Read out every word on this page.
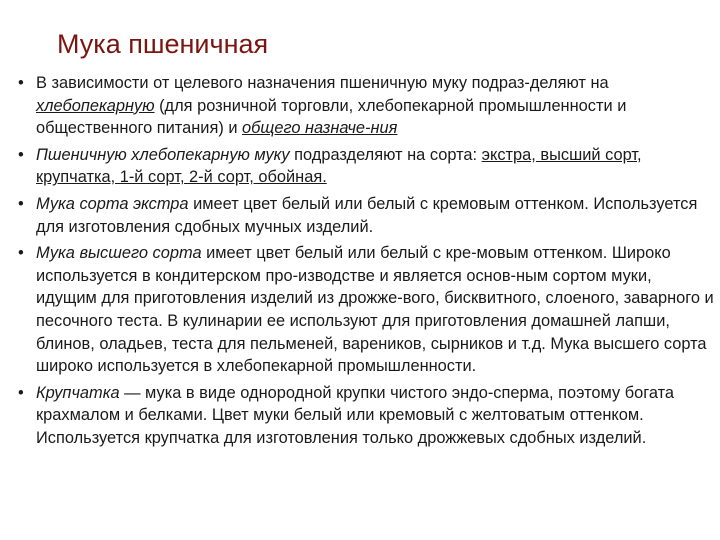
Мука пшеничная
• В зависимости от целевого назначения пшеничную муку подраз-деляют на хлебопекарную (для розничной торговли, хлебопекарной промышленности и общественного питания) и общего назначе-ния

• Пшеничную хлебопекарную муку подразделяют на сорта: экстра, высший сорт, крупчатка, 1-й сорт, 2-й сорт, обойная.

• Мука сорта экстра имеет цвет белый или белый с кремовым оттенком. Используется для изготовления сдобных мучных изделий.

• Мука высшего сорта имеет цвет белый или белый с кре-мовым оттенком. Широко используется в кондитерском про-изводстве и является основ-ным сортом муки, идущим для приготовления изделий из дрожже-вого, бисквитного, слоеного, заварного и песочного теста. В кулинарии ее используют для приготовления домашней лапши, блинов, оладьев, теста для пельменей, вареников, сырников и т.д. Мука высшего сорта широко используется в хлебопекарной промышленности.

• Крупчатка — мука в виде однородной крупки чистого эндо-сперма, поэтому богата крахмалом и белками. Цвет муки белый или кремовый с желтоватым оттенком. Используется крупчатка для изготовления только дрожжевых сдобных изделий.
